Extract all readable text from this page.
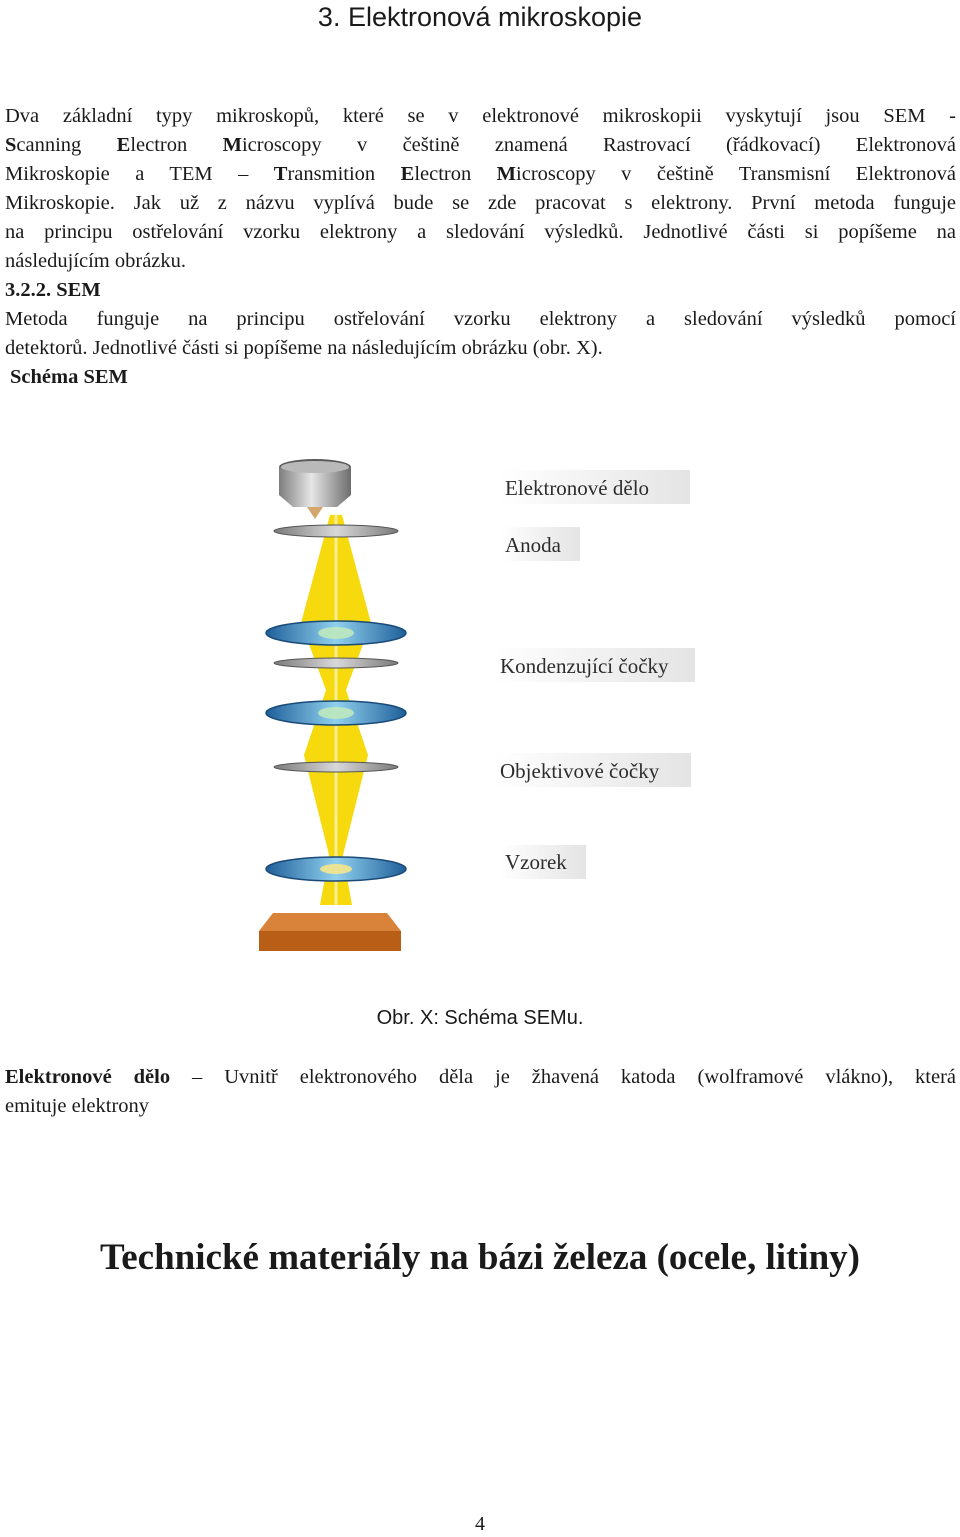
3. Elektronová mikroskopie
Dva základní typy mikroskopů, které se v elektronové mikroskopii vyskytují jsou SEM -
Scanning Electron Microscopy v češtině znamená Rastrovací (řádkovací) Elektronová
Mikroskopie a TEM – Transmition Electron Microscopy v češtině Transmisní Elektronová
Mikroskopie. Jak už z názvu vyplívá bude se zde pracovat s elektrony. První metoda funguje
na principu ostřelování vzorku elektrony a sledování výsledků. Jednotlivé části si popíšeme na
následujícím obrázku.
3.2.2. SEM
Metoda funguje na principu ostřelování vzorku elektrony a sledování výsledků pomocí
detektorů. Jednotlivé části si popíšeme na následujícím obrázku (obr. X).
Schéma SEM
Elektronové dělo
Anoda
Kondenzující čočky
Objektivové čočky
Vzorek
Obr. X: Schéma SEMu.
Elektronové dělo – Uvnitř elektronového děla je žhavená katoda (wolframové vlákno), která
emituje elektrony
Technické materiály na bázi železa (ocele, litiny)
4
